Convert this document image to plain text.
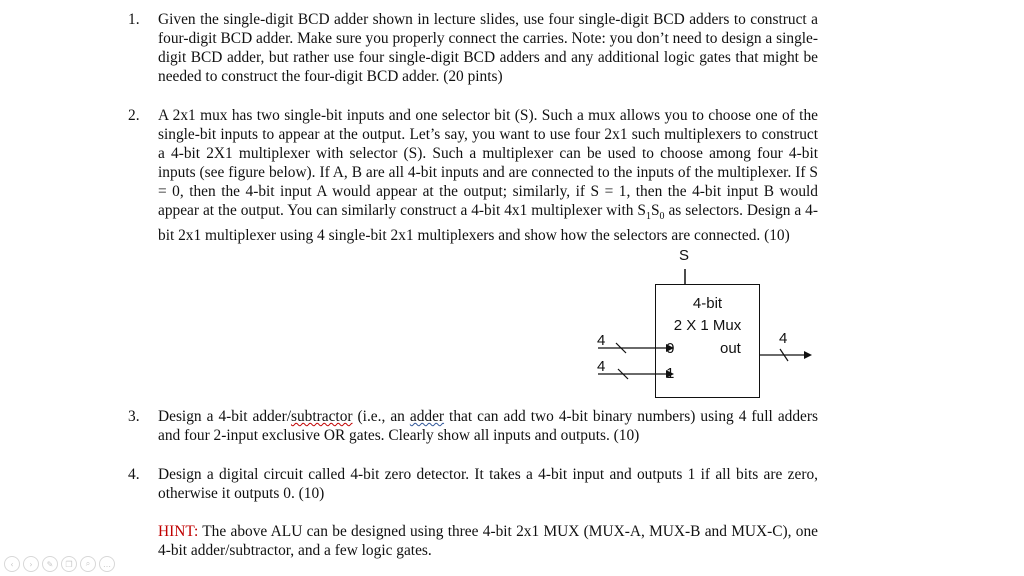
1. Given the single-digit BCD adder shown in lecture slides, use four single-digit BCD adders to construct a four-digit BCD adder. Make sure you properly connect the carries. Note: you don’t need to design a single-digit BCD adder, but rather use four single-digit BCD adders and any additional logic gates that might be needed to construct the four-digit BCD adder. (20 pints)
2. A 2x1 mux has two single-bit inputs and one selector bit (S). Such a mux allows you to choose one of the single-bit inputs to appear at the output. Let’s say, you want to use four 2x1 such multiplexers to construct a 4-bit 2X1 multiplexer with selector (S). Such a multiplexer can be used to choose among four 4-bit inputs (see figure below). If A, B are all 4-bit inputs and are connected to the inputs of the multiplexer. If S = 0, then the 4-bit input A would appear at the output; similarly, if S = 1, then the 4-bit input B would appear at the output. You can similarly construct a 4-bit 4x1 multiplexer with $S_1S_0$ as selectors. Design a 4-bit 2x1 multiplexer using 4 single-bit 2x1 multiplexers and show how the selectors are connected. (10)
S
4-bit
2 X 1 Mux
0
1
out
4
4
4
3. Design a 4-bit adder/subtractor (i.e., an adder that can add two 4-bit binary numbers) using 4 full adders and four 2-input exclusive OR gates. Clearly show all inputs and outputs. (10)
4. Design a digital circuit called 4-bit zero detector. It takes a 4-bit input and outputs 1 if all bits are zero, otherwise it outputs 0. (10)
HINT: The above ALU can be designed using three 4-bit 2x1 MUX (MUX-A, MUX-B and MUX-C), one 4-bit adder/subtractor, and a few logic gates.
‹	›	✎	❐	⌕	…
